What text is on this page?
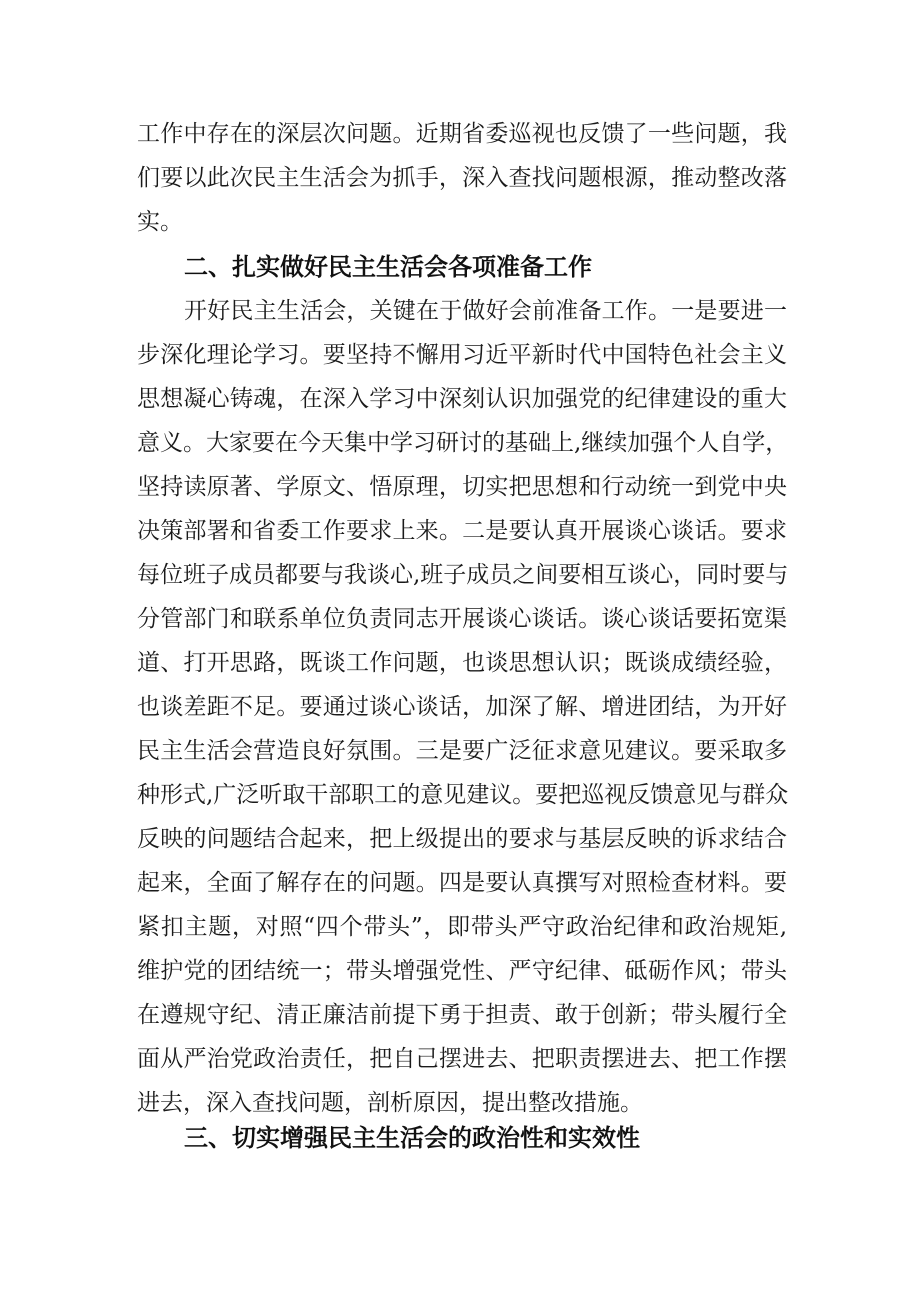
工作中存在的深层次问题。近期省委巡视也反馈了一些问题，我
们要以此次民主生活会为抓手，深入查找问题根源，推动整改落
实。
二、扎实做好民主生活会各项准备工作
开好民主生活会，关键在于做好会前准备工作。一是要进一
步深化理论学习。要坚持不懈用习近平新时代中国特色社会主义
思想凝心铸魂，在深入学习中深刻认识加强党的纪律建设的重大
意义。大家要在今天集中学习研讨的基础上,继续加强个人自学，
坚持读原著、学原文、悟原理，切实把思想和行动统一到党中央
决策部署和省委工作要求上来。二是要认真开展谈心谈话。要求
每位班子成员都要与我谈心,班子成员之间要相互谈心，同时要与
分管部门和联系单位负责同志开展谈心谈话。谈心谈话要拓宽渠
道、打开思路，既谈工作问题，也谈思想认识；既谈成绩经验，
也谈差距不足。要通过谈心谈话，加深了解、增进团结，为开好
民主生活会营造良好氛围。三是要广泛征求意见建议。要采取多
种形式,广泛听取干部职工的意见建议。要把巡视反馈意见与群众
反映的问题结合起来，把上级提出的要求与基层反映的诉求结合
起来，全面了解存在的问题。四是要认真撰写对照检查材料。要
紧扣主题，对照“四个带头”，即带头严守政治纪律和政治规矩,
维护党的团结统一；带头增强党性、严守纪律、砥砺作风；带头
在遵规守纪、清正廉洁前提下勇于担责、敢于创新；带头履行全
面从严治党政治责任，把自己摆进去、把职责摆进去、把工作摆
进去，深入查找问题，剖析原因，提出整改措施。
三、切实增强民主生活会的政治性和实效性
